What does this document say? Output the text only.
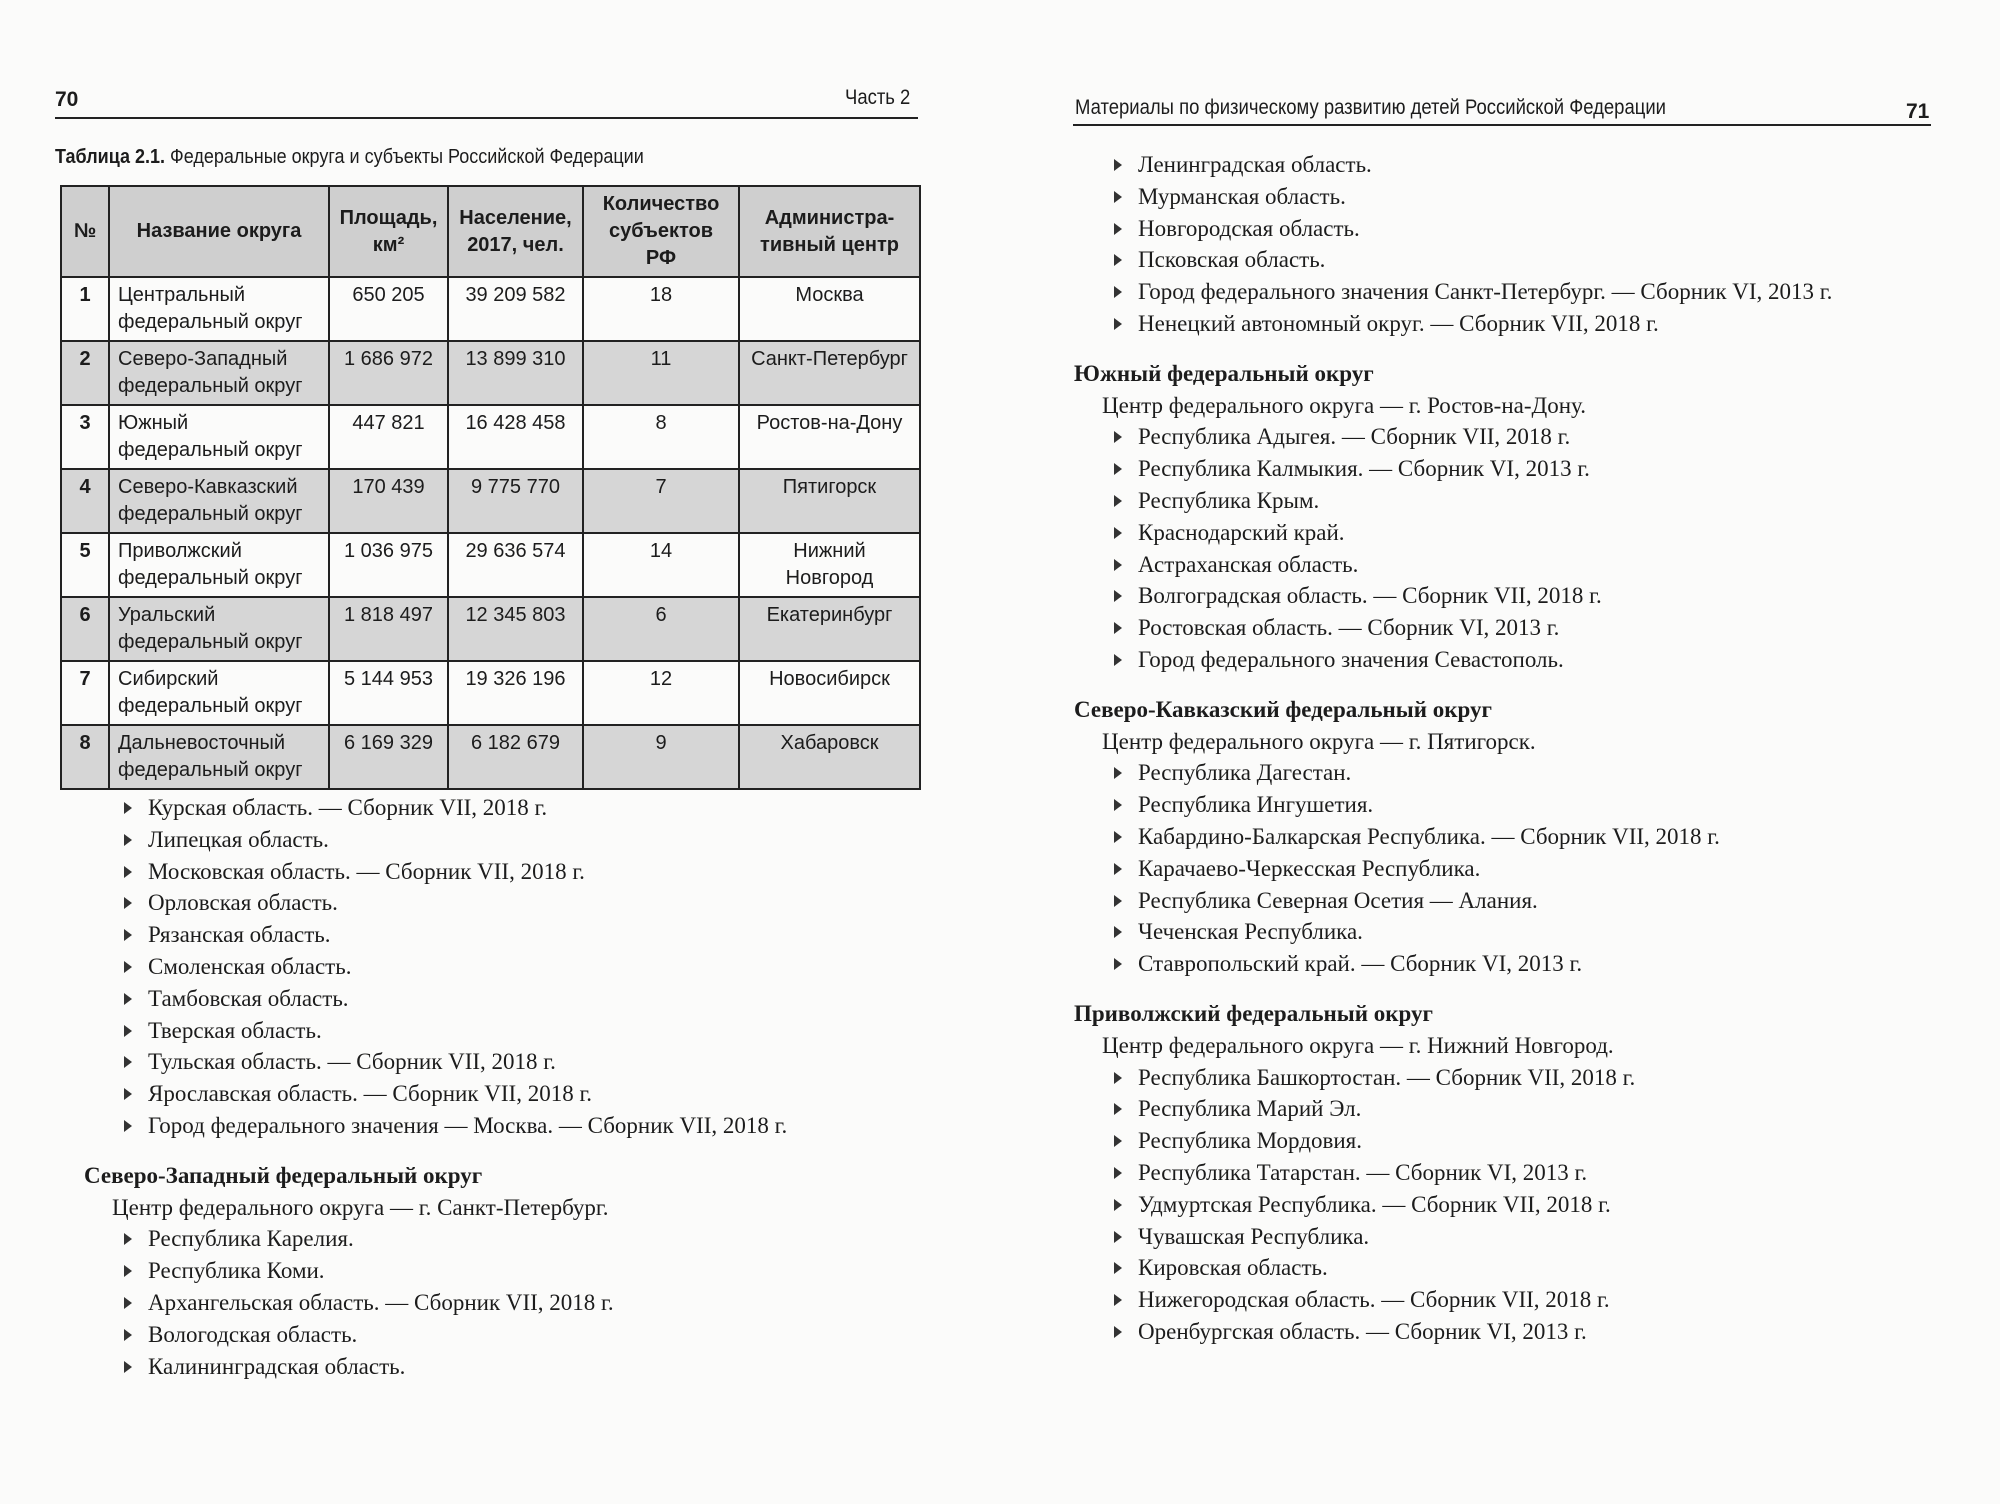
70	Часть 2
Таблица 2.1. Федеральные округа и субъекты Российской Федерации
№	Название округа	Площадь, км²	Население, 2017, чел.	Количество субъектов РФ	Администра-тивный центр
1	Центральный федеральный округ	650 205	39 209 582	18	Москва
2	Северо-Западный федеральный округ	1 686 972	13 899 310	11	Санкт-Петербург
3	Южный федеральный округ	447 821	16 428 458	8	Ростов-на-Дону
4	Северо-Кавказский федеральный округ	170 439	9 775 770	7	Пятигорск
5	Приволжский федеральный округ	1 036 975	29 636 574	14	Нижний Новгород
6	Уральский федеральный округ	1 818 497	12 345 803	6	Екатеринбург
7	Сибирский федеральный округ	5 144 953	19 326 196	12	Новосибирск
8	Дальневосточный федеральный округ	6 169 329	6 182 679	9	Хабаровск
Курская область. — Сборник VII, 2018 г.
Липецкая область.
Московская область. — Сборник VII, 2018 г.
Орловская область.
Рязанская область.
Смоленская область.
Тамбовская область.
Тверская область.
Тульская область. — Сборник VII, 2018 г.
Ярославская область. — Сборник VII, 2018 г.
Город федерального значения — Москва. — Сборник VII, 2018 г.
Северо-Западный федеральный округ
Центр федерального округа — г. Санкт-Петербург.
Республика Карелия.
Республика Коми.
Архангельская область. — Сборник VII, 2018 г.
Вологодская область.
Калининградская область.
Материалы по физическому развитию детей Российской Федерации	71
Ленинградская область.
Мурманская область.
Новгородская область.
Псковская область.
Город федерального значения Санкт-Петербург. — Сборник VI, 2013 г.
Ненецкий автономный округ. — Сборник VII, 2018 г.
Южный федеральный округ
Центр федерального округа — г. Ростов-на-Дону.
Республика Адыгея. — Сборник VII, 2018 г.
Республика Калмыкия. — Сборник VI, 2013 г.
Республика Крым.
Краснодарский край.
Астраханская область.
Волгоградская область. — Сборник VII, 2018 г.
Ростовская область. — Сборник VI, 2013 г.
Город федерального значения Севастополь.
Северо-Кавказский федеральный округ
Центр федерального округа — г. Пятигорск.
Республика Дагестан.
Республика Ингушетия.
Кабардино-Балкарская Республика. — Сборник VII, 2018 г.
Карачаево-Черкесская Республика.
Республика Северная Осетия — Алания.
Чеченская Республика.
Ставропольский край. — Сборник VI, 2013 г.
Приволжский федеральный округ
Центр федерального округа — г. Нижний Новгород.
Республика Башкортостан. — Сборник VII, 2018 г.
Республика Марий Эл.
Республика Мордовия.
Республика Татарстан. — Сборник VI, 2013 г.
Удмуртская Республика. — Сборник VII, 2018 г.
Чувашская Республика.
Кировская область.
Нижегородская область. — Сборник VII, 2018 г.
Оренбургская область. — Сборник VI, 2013 г.
